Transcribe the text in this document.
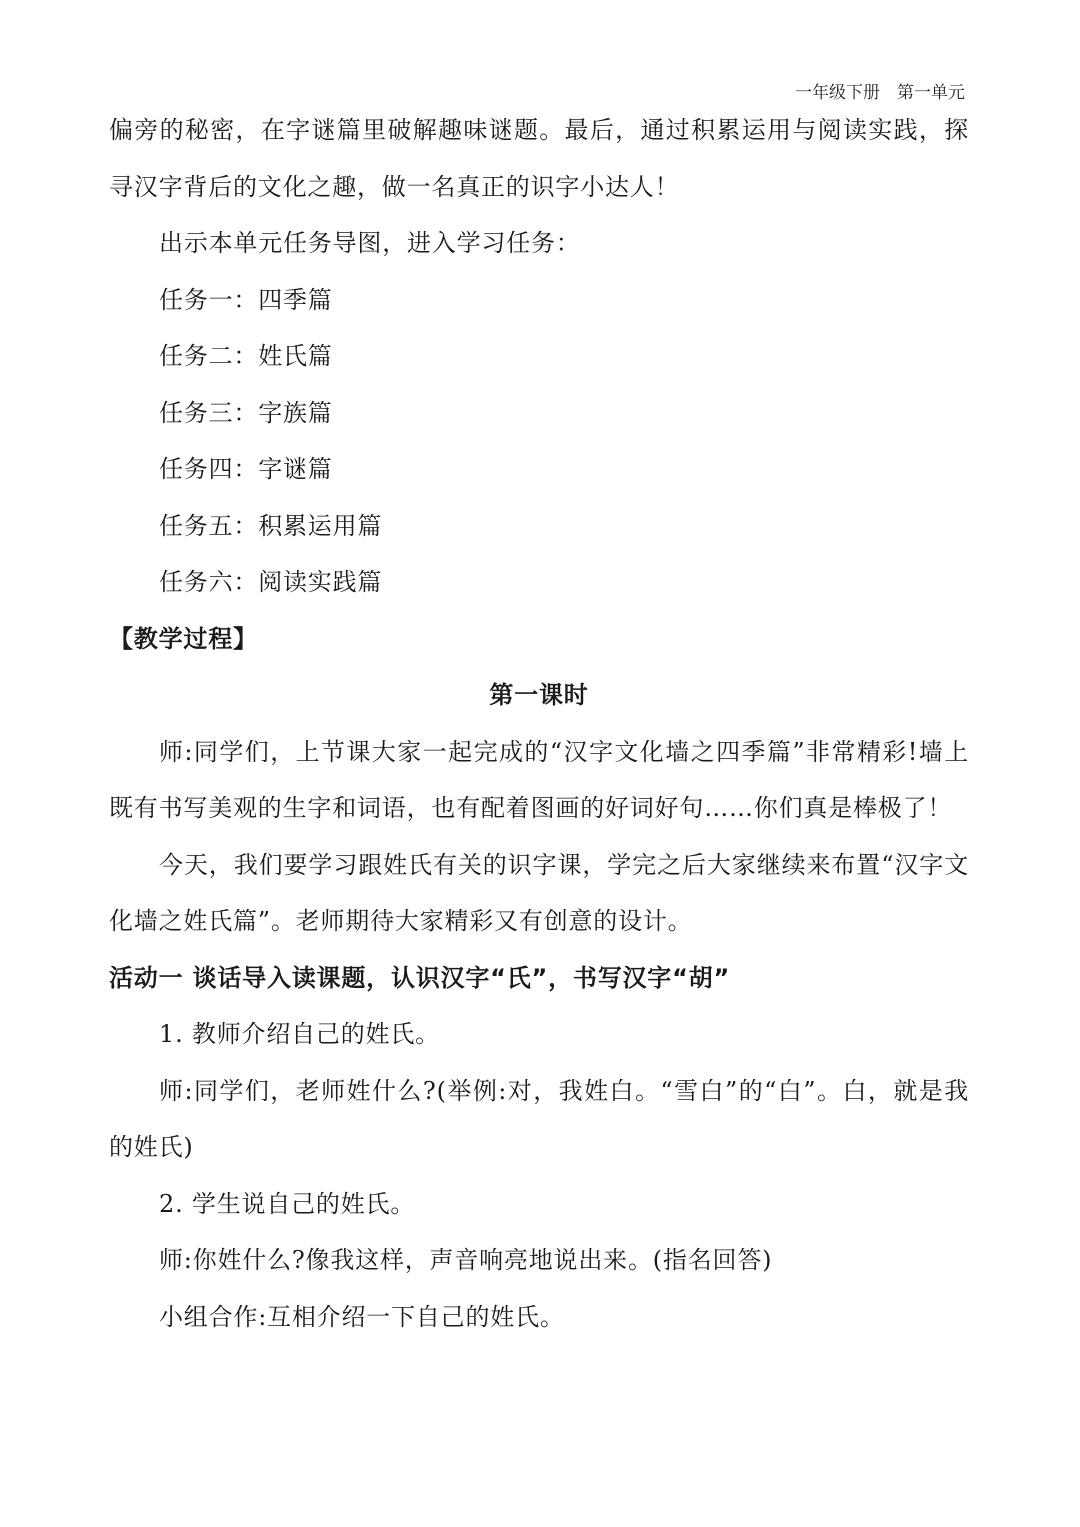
一年级下册　第一单元

偏旁的秘密，在字谜篇里破解趣味谜题。最后，通过积累运用与阅读实践，探寻汉字背后的文化之趣，做一名真正的识字小达人！

出示本单元任务导图，进入学习任务：

任务一：四季篇

任务二：姓氏篇

任务三：字族篇

任务四：字谜篇

任务五：积累运用篇

任务六：阅读实践篇

【教学过程】

第一课时

师:同学们，上节课大家一起完成的“汉字文化墙之四季篇”非常精彩!墙上既有书写美观的生字和词语，也有配着图画的好词好句……你们真是棒极了！

今天，我们要学习跟姓氏有关的识字课，学完之后大家继续来布置“汉字文化墙之姓氏篇”。老师期待大家精彩又有创意的设计。

活动一 谈话导入读课题，认识汉字“氏”，书写汉字“胡”

1. 教师介绍自己的姓氏。

师:同学们，老师姓什么?(举例:对，我姓白。“雪白”的“白”。白，就是我的姓氏)

2. 学生说自己的姓氏。

师:你姓什么?像我这样，声音响亮地说出来。(指名回答)

小组合作:互相介绍一下自己的姓氏。
